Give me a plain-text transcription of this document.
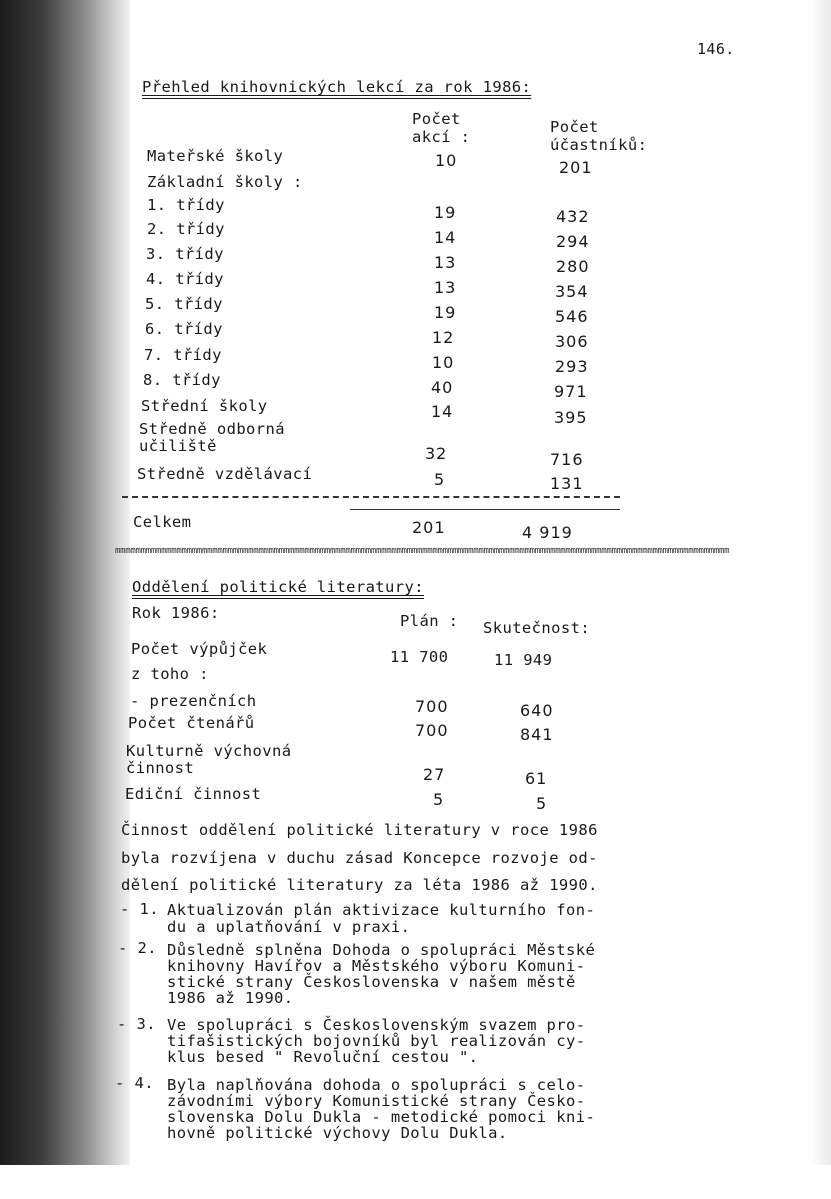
146.
Přehled knihovnických lekcí za rok 1986:
Počet
akcí :
Počet
účastníků:
Mateřské školy	10	201
Základní školy :
1. třídy	19	432
2. třídy	14	294
3. třídy	13	280
4. třídy	13	354
5. třídy	19	546
6. třídy	12	306
7. třídy	10	293
8. třídy	40	971
Střední školy	14	395
Středně odborná
učiliště	32	716
Středně vzdělávací	5	131
Celkem	201	4 919
mmmmmmmmmmmmmmmmmmmmmmmmmmmmmmmmmmmmmmmmmmmmmmmmmmmmmmmmmmmmmmmmmmmmmmmmmmmmmmmmmmmmmmmmmmmmmmmmmmmmmmmmmmmmmmmmmmmmmmmm
Oddělení politické literatury:
Rok 1986:	Plán : Skutečnost:
Počet výpůjček	11 700	11 949
z toho :
- prezenčních	700	640
Počet čtenářů	700	841
Kulturně výchovná
činnost	27	61
Ediční činnost	5	5
Činnost oddělení politické literatury v roce 1986
byla rozvíjena v duchu zásad Koncepce rozvoje od-
dělení politické literatury za léta 1986 až 1990.
- 1. Aktualizován plán aktivizace kulturního fon-
du a uplatňování v praxi.
- 2. Důsledně splněna Dohoda o spolupráci Městské
knihovny Havířov a Městského výboru Komuni-
stické strany Československa v našem městě
1986 až 1990.
- 3. Ve spolupráci s Československým svazem pro-
tifašistických bojovníků byl realizován cy-
klus besed " Revoluční cestou ".
- 4. Byla naplňována dohoda o spolupráci s celo-
závodními výbory Komunistické strany Česko-
slovenska Dolu Dukla - metodické pomoci kni-
hovně politické výchovy Dolu Dukla.
